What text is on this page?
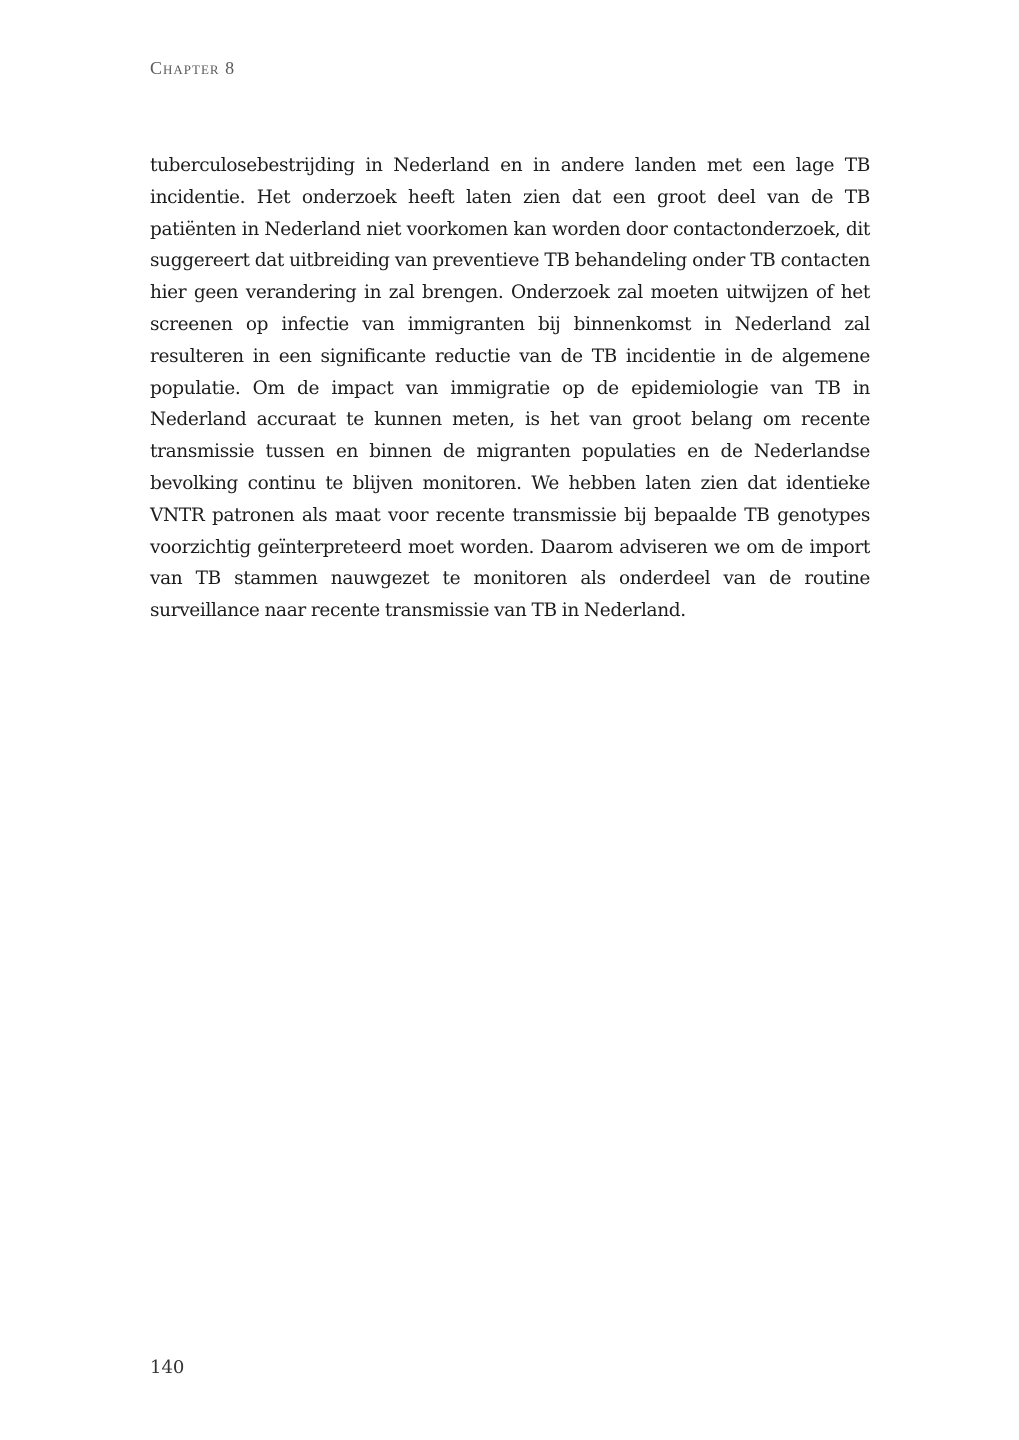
Chapter 8

tuberculosebestrijding in Nederland en in andere landen met een lage TB incidentie. Het onderzoek heeft laten zien dat een groot deel van de TB patiënten in Nederland niet voorkomen kan worden door contactonderzoek, dit suggereert dat uitbreiding van preventieve TB behandeling onder TB contacten hier geen verandering in zal brengen. Onderzoek zal moeten uitwijzen of het screenen op infectie van immigranten bij binnenkomst in Nederland zal resulteren in een significante reductie van de TB incidentie in de algemene populatie. Om de impact van immigratie op de epidemiologie van TB in Nederland accuraat te kunnen meten, is het van groot belang om recente transmissie tussen en binnen de migranten populaties en de Nederlandse bevolking continu te blijven monitoren. We hebben laten zien dat identieke VNTR patronen als maat voor recente transmissie bij bepaalde TB genotypes voorzichtig geïnterpreteerd moet worden. Daarom adviseren we om de import van TB stammen nauwgezet te monitoren als onderdeel van de routine surveillance naar recente transmissie van TB in Nederland.

140
